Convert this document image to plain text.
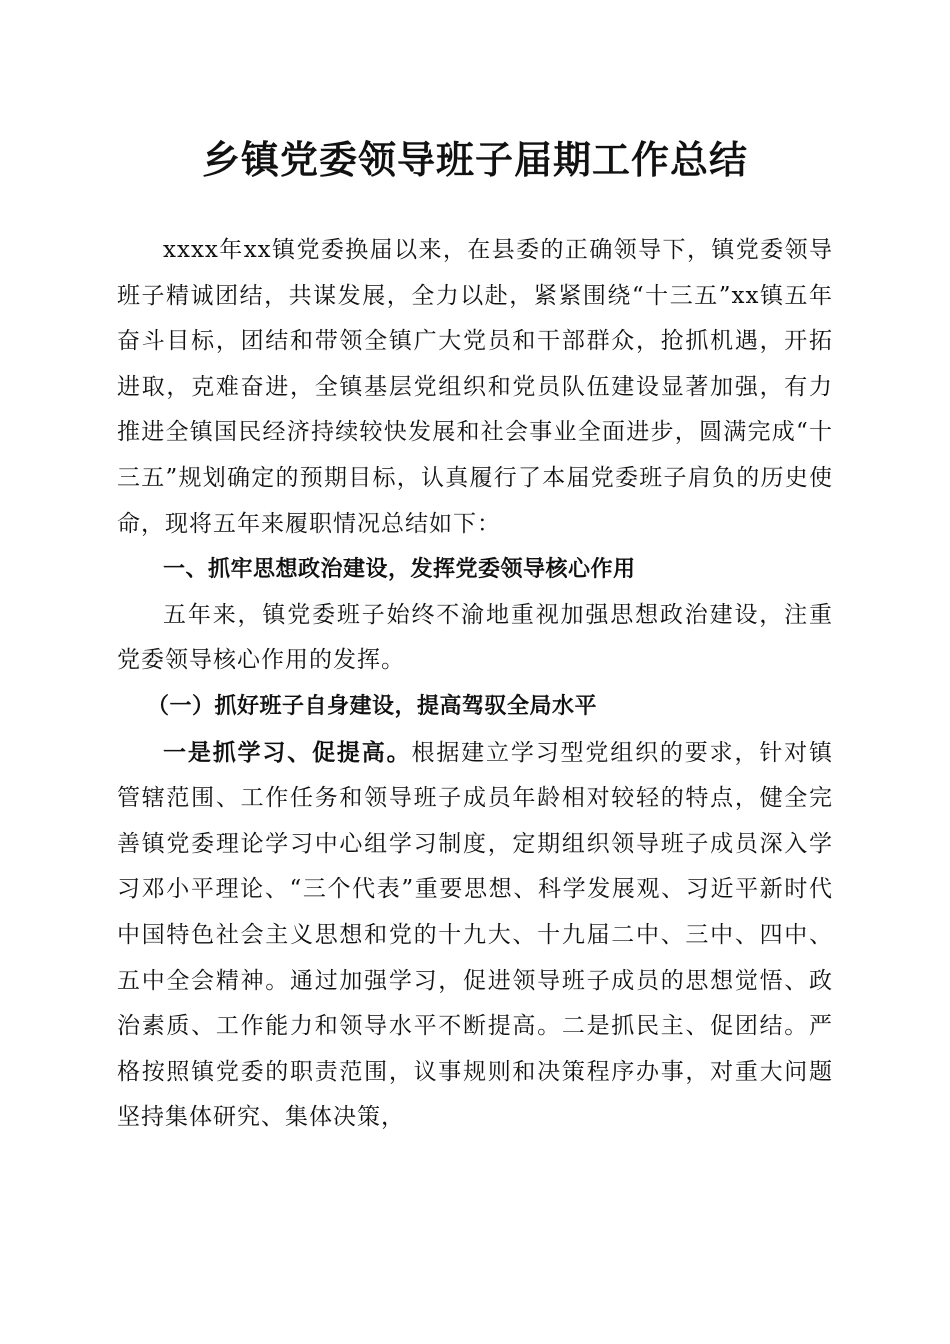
乡镇党委领导班子届期工作总结

xxxx年xx镇党委换届以来，在县委的正确领导下，镇党委领导班子精诚团结，共谋发展，全力以赴，紧紧围绕“十三五”xx镇五年奋斗目标，团结和带领全镇广大党员和干部群众，抢抓机遇，开拓进取，克难奋进，全镇基层党组织和党员队伍建设显著加强，有力推进全镇国民经济持续较快发展和社会事业全面进步，圆满完成“十三五”规划确定的预期目标，认真履行了本届党委班子肩负的历史使命，现将五年来履职情况总结如下：

一、抓牢思想政治建设，发挥党委领导核心作用

五年来，镇党委班子始终不渝地重视加强思想政治建设，注重党委领导核心作用的发挥。

（一）抓好班子自身建设，提高驾驭全局水平

一是抓学习、促提高。根据建立学习型党组织的要求，针对镇管辖范围、工作任务和领导班子成员年龄相对较轻的特点，健全完善镇党委理论学习中心组学习制度，定期组织领导班子成员深入学习邓小平理论、“三个代表”重要思想、科学发展观、习近平新时代中国特色社会主义思想和党的十九大、十九届二中、三中、四中、五中全会精神。通过加强学习，促进领导班子成员的思想觉悟、政治素质、工作能力和领导水平不断提高。二是抓民主、促团结。严格按照镇党委的职责范围，议事规则和决策程序办事，对重大问题坚持集体研究、集体决策，
